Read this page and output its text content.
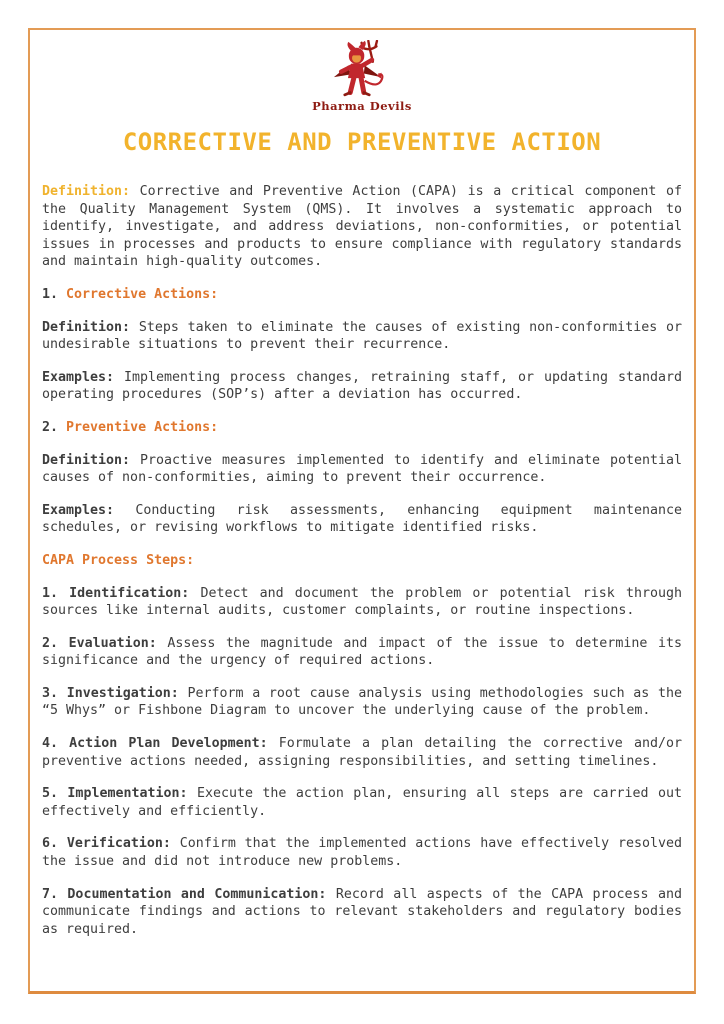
Pharma Devils
CORRECTIVE AND PREVENTIVE ACTION

Definition: Corrective and Preventive Action (CAPA) is a critical component of the Quality Management System (QMS). It involves a systematic approach to identify, investigate, and address deviations, non-conformities, or potential issues in processes and products to ensure compliance with regulatory standards and maintain high-quality outcomes.

1. Corrective Actions:

Definition: Steps taken to eliminate the causes of existing non-conformities or undesirable situations to prevent their recurrence.

Examples: Implementing process changes, retraining staff, or updating standard operating procedures (SOP’s) after a deviation has occurred.

2. Preventive Actions:

Definition: Proactive measures implemented to identify and eliminate potential causes of non-conformities, aiming to prevent their occurrence.

Examples: Conducting risk assessments, enhancing equipment maintenance schedules, or revising workflows to mitigate identified risks.

CAPA Process Steps:

1. Identification: Detect and document the problem or potential risk through sources like internal audits, customer complaints, or routine inspections.

2. Evaluation: Assess the magnitude and impact of the issue to determine its significance and the urgency of required actions.

3. Investigation: Perform a root cause analysis using methodologies such as the “5 Whys” or Fishbone Diagram to uncover the underlying cause of the problem.

4. Action Plan Development: Formulate a plan detailing the corrective and/or preventive actions needed, assigning responsibilities, and setting timelines.

5. Implementation: Execute the action plan, ensuring all steps are carried out effectively and efficiently.

6. Verification: Confirm that the implemented actions have effectively resolved the issue and did not introduce new problems.

7. Documentation and Communication: Record all aspects of the CAPA process and communicate findings and actions to relevant stakeholders and regulatory bodies as required.
